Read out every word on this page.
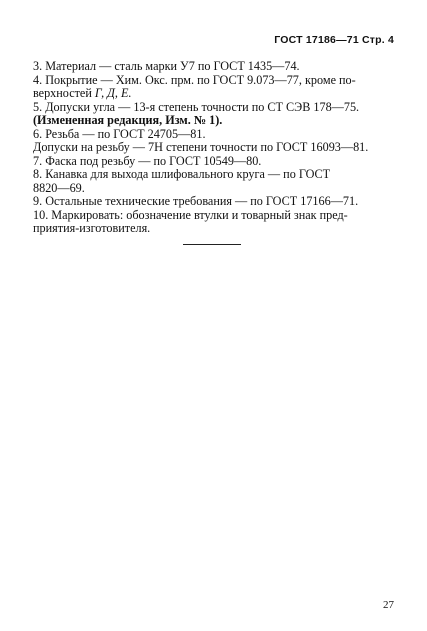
ГОСТ 17186—71 Стр. 4
3. Материал — сталь марки У7 по ГОСТ 1435—74.
4. Покрытие — Хим. Окс. прм. по ГОСТ 9.073—77, кроме по-
верхностей Г, Д, Е.
5. Допуски угла — 13-я степень точности по СТ СЭВ 178—75.
(Измененная редакция, Изм. № 1).
6. Резьба — по ГОСТ 24705—81.
Допуски на резьбу — 7Н степени точности по ГОСТ 16093—81.
7. Фаска под резьбу — по ГОСТ 10549—80.
8. Канавка для выхода шлифовального круга — по ГОСТ
8820—69.
9. Остальные технические требования — по ГОСТ 17166—71.
10. Маркировать: обозначение втулки и товарный знак пред-
приятия-изготовителя.
27
